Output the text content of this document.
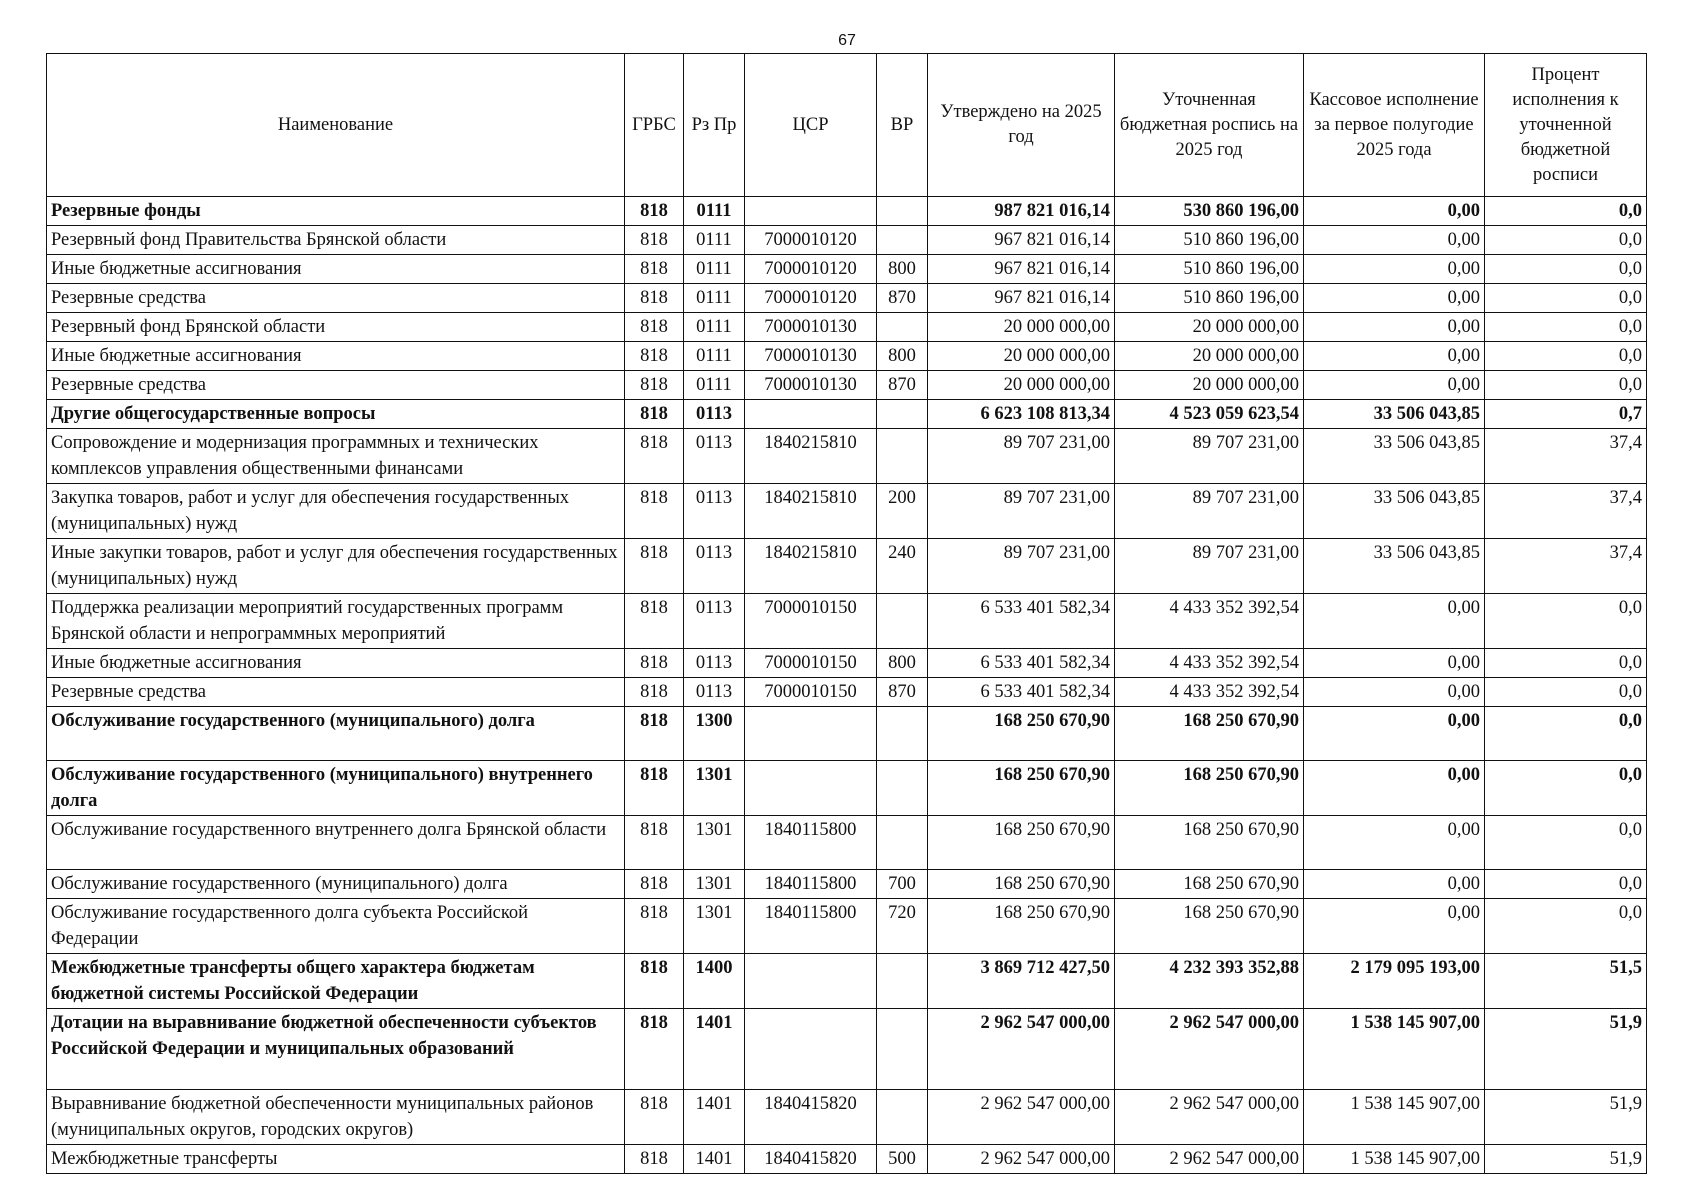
67
Наименование	ГРБС	Рз Пр	ЦСР	ВР	Утверждено на 2025 год	Уточненная бюджетная роспись на 2025 год	Кассовое исполнение за первое полугодие 2025 года	Процент исполнения к уточненной бюджетной росписи
Резервные фонды	818	0111			987 821 016,14	530 860 196,00	0,00	0,0
Резервный фонд Правительства Брянской области	818	0111	7000010120		967 821 016,14	510 860 196,00	0,00	0,0
Иные бюджетные ассигнования	818	0111	7000010120	800	967 821 016,14	510 860 196,00	0,00	0,0
Резервные средства	818	0111	7000010120	870	967 821 016,14	510 860 196,00	0,00	0,0
Резервный фонд Брянской области	818	0111	7000010130		20 000 000,00	20 000 000,00	0,00	0,0
Иные бюджетные ассигнования	818	0111	7000010130	800	20 000 000,00	20 000 000,00	0,00	0,0
Резервные средства	818	0111	7000010130	870	20 000 000,00	20 000 000,00	0,00	0,0
Другие общегосударственные вопросы	818	0113			6 623 108 813,34	4 523 059 623,54	33 506 043,85	0,7
Сопровождение и модернизация программных и технических комплексов управления общественными финансами	818	0113	1840215810		89 707 231,00	89 707 231,00	33 506 043,85	37,4
Закупка товаров, работ и услуг для обеспечения государственных (муниципальных) нужд	818	0113	1840215810	200	89 707 231,00	89 707 231,00	33 506 043,85	37,4
Иные закупки товаров, работ и услуг для обеспечения государственных (муниципальных) нужд	818	0113	1840215810	240	89 707 231,00	89 707 231,00	33 506 043,85	37,4
Поддержка реализации мероприятий государственных программ Брянской области и непрограммных мероприятий	818	0113	7000010150		6 533 401 582,34	4 433 352 392,54	0,00	0,0
Иные бюджетные ассигнования	818	0113	7000010150	800	6 533 401 582,34	4 433 352 392,54	0,00	0,0
Резервные средства	818	0113	7000010150	870	6 533 401 582,34	4 433 352 392,54	0,00	0,0
Обслуживание государственного (муниципального) долга	818	1300			168 250 670,90	168 250 670,90	0,00	0,0
Обслуживание государственного (муниципального) внутреннего долга	818	1301			168 250 670,90	168 250 670,90	0,00	0,0
Обслуживание государственного внутреннего долга Брянской области	818	1301	1840115800		168 250 670,90	168 250 670,90	0,00	0,0
Обслуживание государственного (муниципального) долга	818	1301	1840115800	700	168 250 670,90	168 250 670,90	0,00	0,0
Обслуживание государственного долга субъекта Российской Федерации	818	1301	1840115800	720	168 250 670,90	168 250 670,90	0,00	0,0
Межбюджетные трансферты общего характера бюджетам бюджетной системы Российской Федерации	818	1400			3 869 712 427,50	4 232 393 352,88	2 179 095 193,00	51,5
Дотации на выравнивание бюджетной обеспеченности субъектов Российской Федерации и муниципальных образований	818	1401			2 962 547 000,00	2 962 547 000,00	1 538 145 907,00	51,9
Выравнивание бюджетной обеспеченности муниципальных районов (муниципальных округов, городских округов)	818	1401	1840415820		2 962 547 000,00	2 962 547 000,00	1 538 145 907,00	51,9
Межбюджетные трансферты	818	1401	1840415820	500	2 962 547 000,00	2 962 547 000,00	1 538 145 907,00	51,9
